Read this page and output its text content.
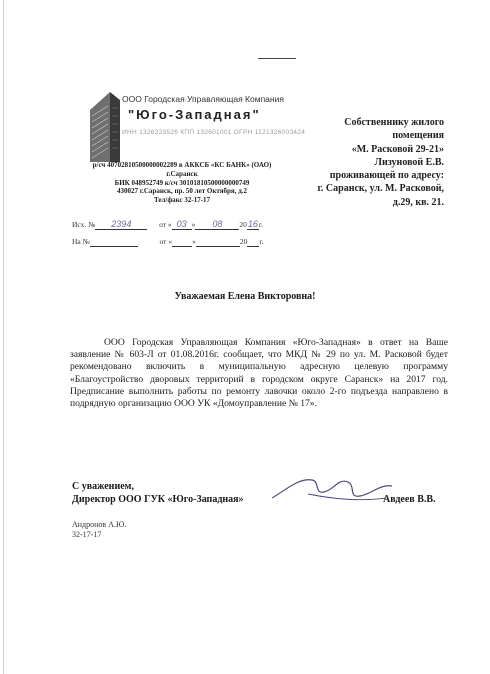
ООО Городская Управляющая Компания
"Юго-Западная"
ИНН 1326223526 КПП 132601001 ОГРН 1121326003424
р/сч 40702810500000002289 в АККСБ «КС БАНК» (ОАО)
г.Саранск
БИК 048952749 к/сч 30101810500000000749
430027 г.Саранск, пр. 50 лет Октября, д.2
Тел/факс 32-17-17
Собственнику жилого
помещения
«М. Расковой 29-21»
Лизуновой Е.В.
проживающей по адресу:
г. Саранск, ул. М. Расковой,
д.29, кв. 21.
Исх. № 2394	от « 03 » 08 2016г.
На №	от «	»	20 г.
Уважаемая Елена Викторовна!
ООО Городская Управляющая Компания «Юго-Западная» в ответ на Ваше заявление № 603-Л от 01.08.2016г. сообщает, что МКД № 29 по ул. М. Расковой будет рекомендовано включить в муниципальную адресную целевую программу «Благоустройство дворовых территорий в городском округе Саранск» на 2017 год. Предписание выполнить работы по ремонту лавочки около 2-го подъезда направлено в подрядную организацию ООО УК «Домоуправление № 17».
С уважением,
Директор ООО ГУК «Юго-Западная»	Авдеев В.В.
Андронов А.Ю.
32-17-17
